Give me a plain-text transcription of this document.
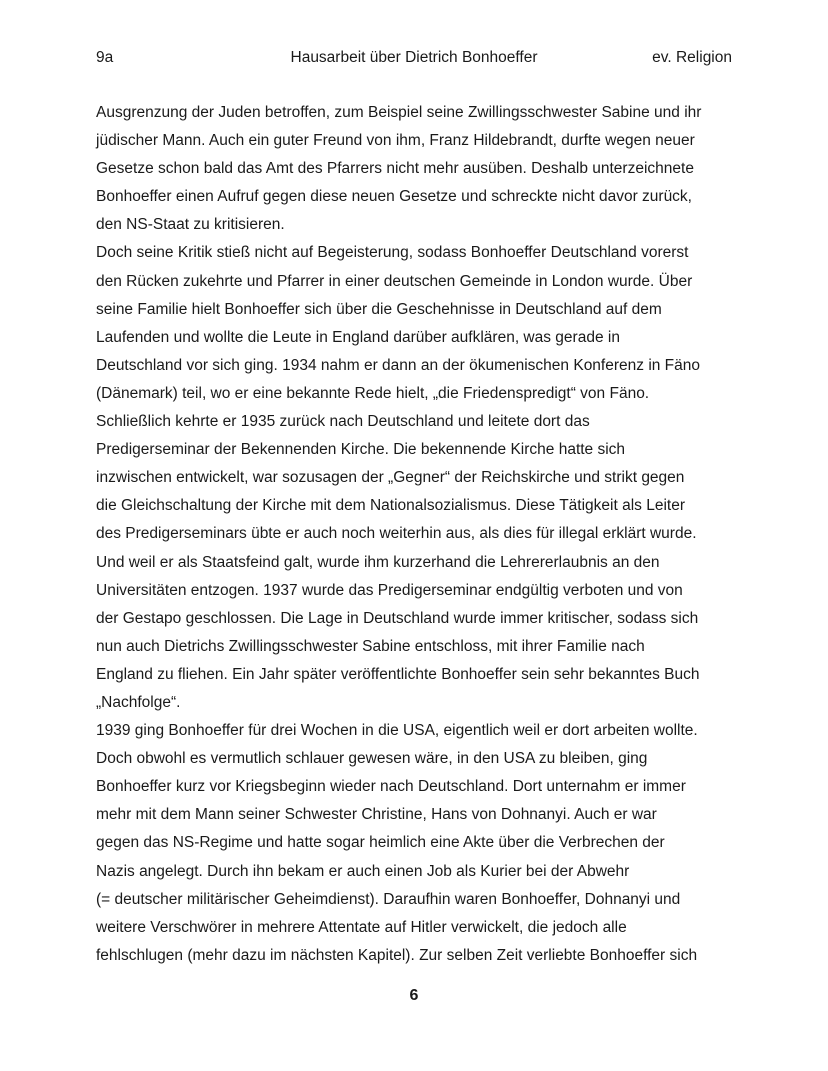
9a	Hausarbeit über Dietrich Bonhoeffer	ev. Religion
Ausgrenzung der Juden betroffen, zum Beispiel seine Zwillingsschwester Sabine und ihr
jüdischer Mann. Auch ein guter Freund von ihm, Franz Hildebrandt, durfte wegen neuer
Gesetze schon bald das Amt des Pfarrers nicht mehr ausüben. Deshalb unterzeichnete
Bonhoeffer einen Aufruf gegen diese neuen Gesetze und schreckte nicht davor zurück,
den NS-Staat zu kritisieren.
Doch seine Kritik stieß nicht auf Begeisterung, sodass Bonhoeffer Deutschland vorerst
den Rücken zukehrte und Pfarrer in einer deutschen Gemeinde in London wurde. Über
seine Familie hielt Bonhoeffer sich über die Geschehnisse in Deutschland auf dem
Laufenden und wollte die Leute in England darüber aufklären, was gerade in
Deutschland vor sich ging. 1934 nahm er dann an der ökumenischen Konferenz in Fäno
(Dänemark) teil, wo er eine bekannte Rede hielt, „die Friedenspredigt“ von Fäno.
Schließlich kehrte er 1935 zurück nach Deutschland und leitete dort das
Predigerseminar der Bekennenden Kirche. Die bekennende Kirche hatte sich
inzwischen entwickelt, war sozusagen der „Gegner“ der Reichskirche und strikt gegen
die Gleichschaltung der Kirche mit dem Nationalsozialismus. Diese Tätigkeit als Leiter
des Predigerseminars übte er auch noch weiterhin aus, als dies für illegal erklärt wurde.
Und weil er als Staatsfeind galt, wurde ihm kurzerhand die Lehrererlaubnis an den
Universitäten entzogen. 1937 wurde das Predigerseminar endgültig verboten und von
der Gestapo geschlossen. Die Lage in Deutschland wurde immer kritischer, sodass sich
nun auch Dietrichs Zwillingsschwester Sabine entschloss, mit ihrer Familie nach
England zu fliehen. Ein Jahr später veröffentlichte Bonhoeffer sein sehr bekanntes Buch
„Nachfolge“.
1939 ging Bonhoeffer für drei Wochen in die USA, eigentlich weil er dort arbeiten wollte.
Doch obwohl es vermutlich schlauer gewesen wäre, in den USA zu bleiben, ging
Bonhoeffer kurz vor Kriegsbeginn wieder nach Deutschland. Dort unternahm er immer
mehr mit dem Mann seiner Schwester Christine, Hans von Dohnanyi. Auch er war
gegen das NS-Regime und hatte sogar heimlich eine Akte über die Verbrechen der
Nazis angelegt. Durch ihn bekam er auch einen Job als Kurier bei der Abwehr
(= deutscher militärischer Geheimdienst). Daraufhin waren Bonhoeffer, Dohnanyi und
weitere Verschwörer in mehrere Attentate auf Hitler verwickelt, die jedoch alle
fehlschlugen (mehr dazu im nächsten Kapitel). Zur selben Zeit verliebte Bonhoeffer sich
6
